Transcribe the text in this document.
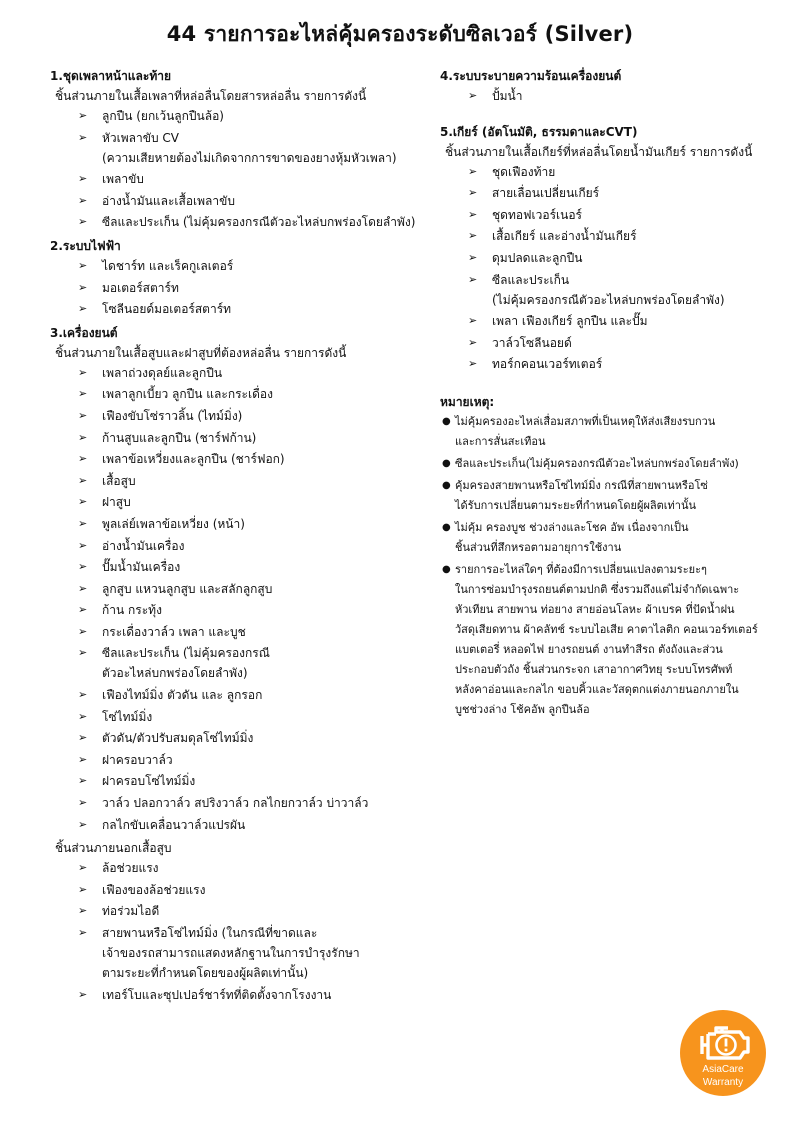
44 รายการอะไหล่คุ้มครองระดับซิลเวอร์ (Silver)
1.ชุดเพลาหน้าและท้าย
ชิ้นส่วนภายในเสื้อเพลาที่หล่อลื่นโดยสารหล่อลื่น รายการดังนี้
➢ ลูกปืน (ยกเว้นลูกปืนล้อ)
➢ หัวเพลาขับ CV
(ความเสียหายต้องไม่เกิดจากการขาดของยางหุ้มหัวเพลา)
➢ เพลาขับ
➢ อ่างน้ำมันและเสื้อเพลาขับ
➢ ซีลและประเก็น (ไม่คุ้มครองกรณีตัวอะไหล่บกพร่องโดยลำพัง)
2.ระบบไฟฟ้า
➢ ไดชาร์ท และเร็คกูเลเตอร์
➢ มอเตอร์สตาร์ท
➢ โซลีนอยด์มอเตอร์สตาร์ท
3.เครื่องยนต์
ชิ้นส่วนภายในเสื้อสูบและฝาสูบที่ต้องหล่อลื่น รายการดังนี้
➢ เพลาถ่วงดุลย์และลูกปืน
➢ เพลาลูกเบี้ยว ลูกปืน และกระเดื่อง
➢ เฟืองขับโซ่ราวลิ้น (ไทม์มิ่ง)
➢ ก้านสูบและลูกปืน (ชาร์ฟก้าน)
➢ เพลาข้อเหวี่ยงและลูกปืน (ชาร์ฟอก)
➢ เสื้อสูบ
➢ ฝาสูบ
➢ พูลเล่ย์เพลาข้อเหวี่ยง (หน้า)
➢ อ่างน้ำมันเครื่อง
➢ ปั๊มน้ำมันเครื่อง
➢ ลูกสูบ แหวนลูกสูบ และสลักลูกสูบ
➢ ก้าน กระทุ้ง
➢ กระเดื่องวาล์ว เพลา และบูช
➢ ซีลและประเก็น (ไม่คุ้มครองกรณี
ตัวอะไหล่บกพร่องโดยลำพัง)
➢ เฟืองไทม์มิ่ง ตัวดัน และ ลูกรอก
➢ โซ่ไทม์มิ่ง
➢ ตัวดัน/ตัวปรับสมดุลโซ่ไทม์มิ่ง
➢ ฝาครอบวาล์ว
➢ ฝาครอบโซ่ไทม์มิ่ง
➢ วาล์ว ปลอกวาล์ว สปริงวาล์ว กลไกยกวาล์ว บ่าวาล์ว
➢ กลไกขับเคลื่อนวาล์วแปรผัน
ชิ้นส่วนภายนอกเสื้อสูบ
➢ ล้อช่วยแรง
➢ เฟืองของล้อช่วยแรง
➢ ท่อร่วมไอดี
➢ สายพานหรือโซ่ไทม์มิ่ง (ในกรณีที่ขาดและ
เจ้าของรถสามารถแสดงหลักฐานในการบำรุงรักษา
ตามระยะที่กำหนดโดยของผู้ผลิตเท่านั้น)
➢ เทอร์โบและซุปเปอร์ชาร์ทที่ติดตั้งจากโรงงาน
4.ระบบระบายความร้อนเครื่องยนต์
➢ ปั้มน้ำ
5.เกียร์ (อัตโนมัติ, ธรรมดาและCVT)
ชิ้นส่วนภายในเสื้อเกียร์ที่หล่อลื่นโดยน้ำมันเกียร์ รายการดังนี้
➢ ชุดเฟืองท้าย
➢ สายเลื่อนเปลี่ยนเกียร์
➢ ชุดทอฟเวอร์เนอร์
➢ เสื้อเกียร์ และอ่างน้ำมันเกียร์
➢ ดุมปลดและลูกปืน
➢ ซีลและประเก็น
(ไม่คุ้มครองกรณีตัวอะไหล่บกพร่องโดยลำพัง)
➢ เพลา เฟืองเกียร์ ลูกปืน และปั๊ม
➢ วาล์วโซลีนอยด์
➢ ทอร์กคอนเวอร์ทเตอร์
หมายเหตุ:
● ไม่คุ้มครองอะไหล่เสื่อมสภาพที่เป็นเหตุให้ส่งเสียงรบกวน
และการสั่นสะเทือน
● ซีลและประเก็น(ไม่คุ้มครองกรณีตัวอะไหล่บกพร่องโดยลำพัง)
● คุ้มครองสายพานหรือโซ่ไทม์มิ่ง กรณีที่สายพานหรือโซ่
ได้รับการเปลี่ยนตามระยะที่กำหนดโดยผู้ผลิตเท่านั้น
● ไม่คุ้ม ครองบูช ช่วงล่างและโชค อัพ เนื่องจากเป็น
ชิ้นส่วนที่สึกหรอตามอายุการใช้งาน
● รายการอะไหล่ใดๆ ที่ต้องมีการเปลี่ยนแปลงตามระยะๆ
ในการซ่อมบำรุงรถยนต์ตามปกติ ซึ่งรวมถึงแต่ไม่จำกัดเฉพาะ
หัวเทียน สายพาน ท่อยาง สายอ่อนโลหะ ผ้าเบรค ที่ปัดน้ำฝน
วัสดุเสียดทาน ผ้าคลัทช์ ระบบไอเสีย คาตาไลติก คอนเวอร์ทเตอร์
แบตเตอรี่ หลอดไฟ ยางรถยนต์ งานทำสีรถ ตังถังและส่วน
ประกอบตัวถัง ชิ้นส่วนกระจก เสาอากาศวิทยุ ระบบโทรศัพท์
หลังคาอ่อนและกลไก ขอบคิ้วและวัสดุตกแต่งภายนอกภายใน
บูชช่วงล่าง โช้คอัพ ลูกปืนล้อ
AsiaCare
Warranty
